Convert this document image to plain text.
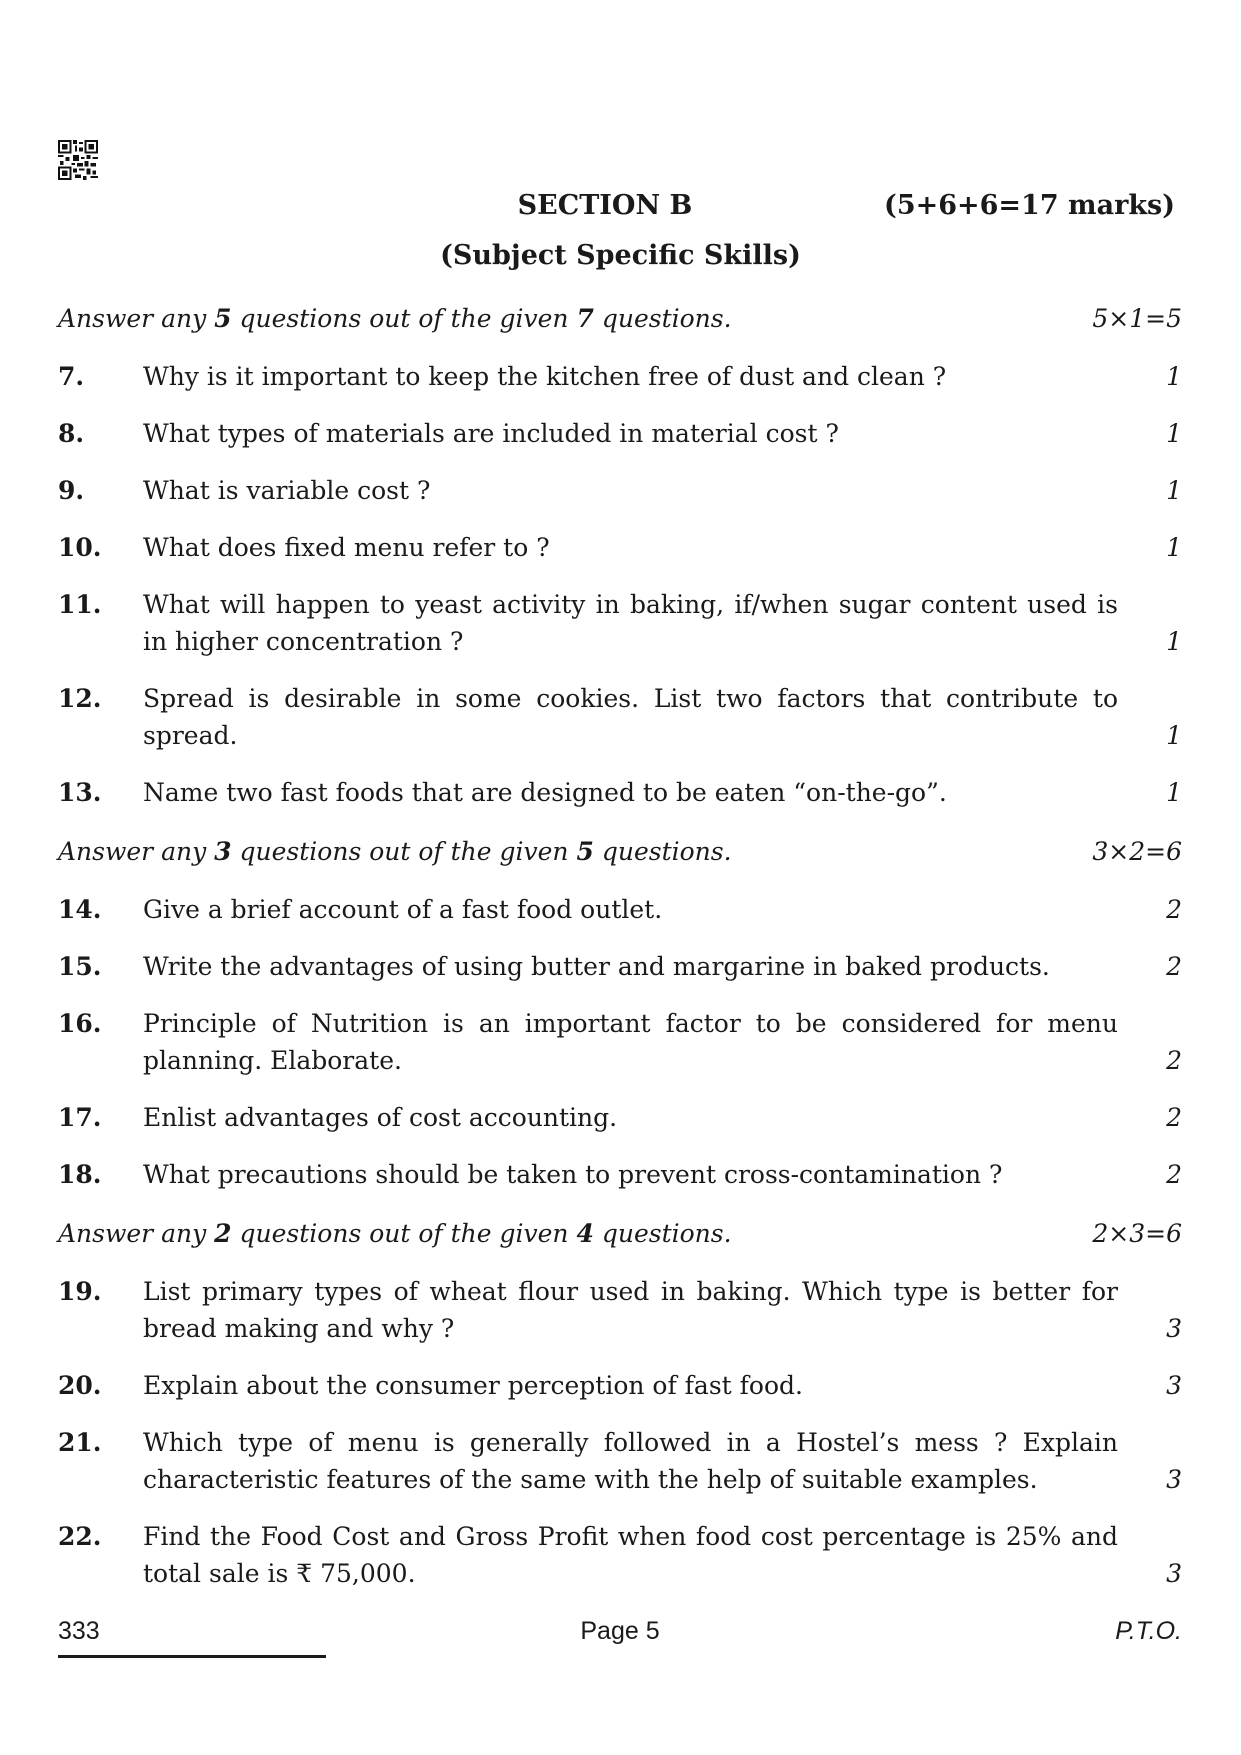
SECTION B	(5+6+6=17 marks)
(Subject Specific Skills)
Answer any 5 questions out of the given 7 questions.	5×1=5
7.	Why is it important to keep the kitchen free of dust and clean ?	1
8.	What types of materials are included in material cost ?	1
9.	What is variable cost ?	1
10.	What does fixed menu refer to ?	1
11.	What will happen to yeast activity in baking, if/when sugar content used is in higher concentration ?	1
12.	Spread is desirable in some cookies. List two factors that contribute to spread.	1
13.	Name two fast foods that are designed to be eaten “on-the-go”.	1
Answer any 3 questions out of the given 5 questions.	3×2=6
14.	Give a brief account of a fast food outlet.	2
15.	Write the advantages of using butter and margarine in baked products.	2
16.	Principle of Nutrition is an important factor to be considered for menu planning. Elaborate.	2
17.	Enlist advantages of cost accounting.	2
18.	What precautions should be taken to prevent cross-contamination ?	2
Answer any 2 questions out of the given 4 questions.	2×3=6
19.	List primary types of wheat flour used in baking. Which type is better for bread making and why ?	3
20.	Explain about the consumer perception of fast food.	3
21.	Which type of menu is generally followed in a Hostel’s mess ? Explain characteristic features of the same with the help of suitable examples.	3
22.	Find the Food Cost and Gross Profit when food cost percentage is 25% and total sale is ₹ 75,000.	3
333	Page 5	P.T.O.
